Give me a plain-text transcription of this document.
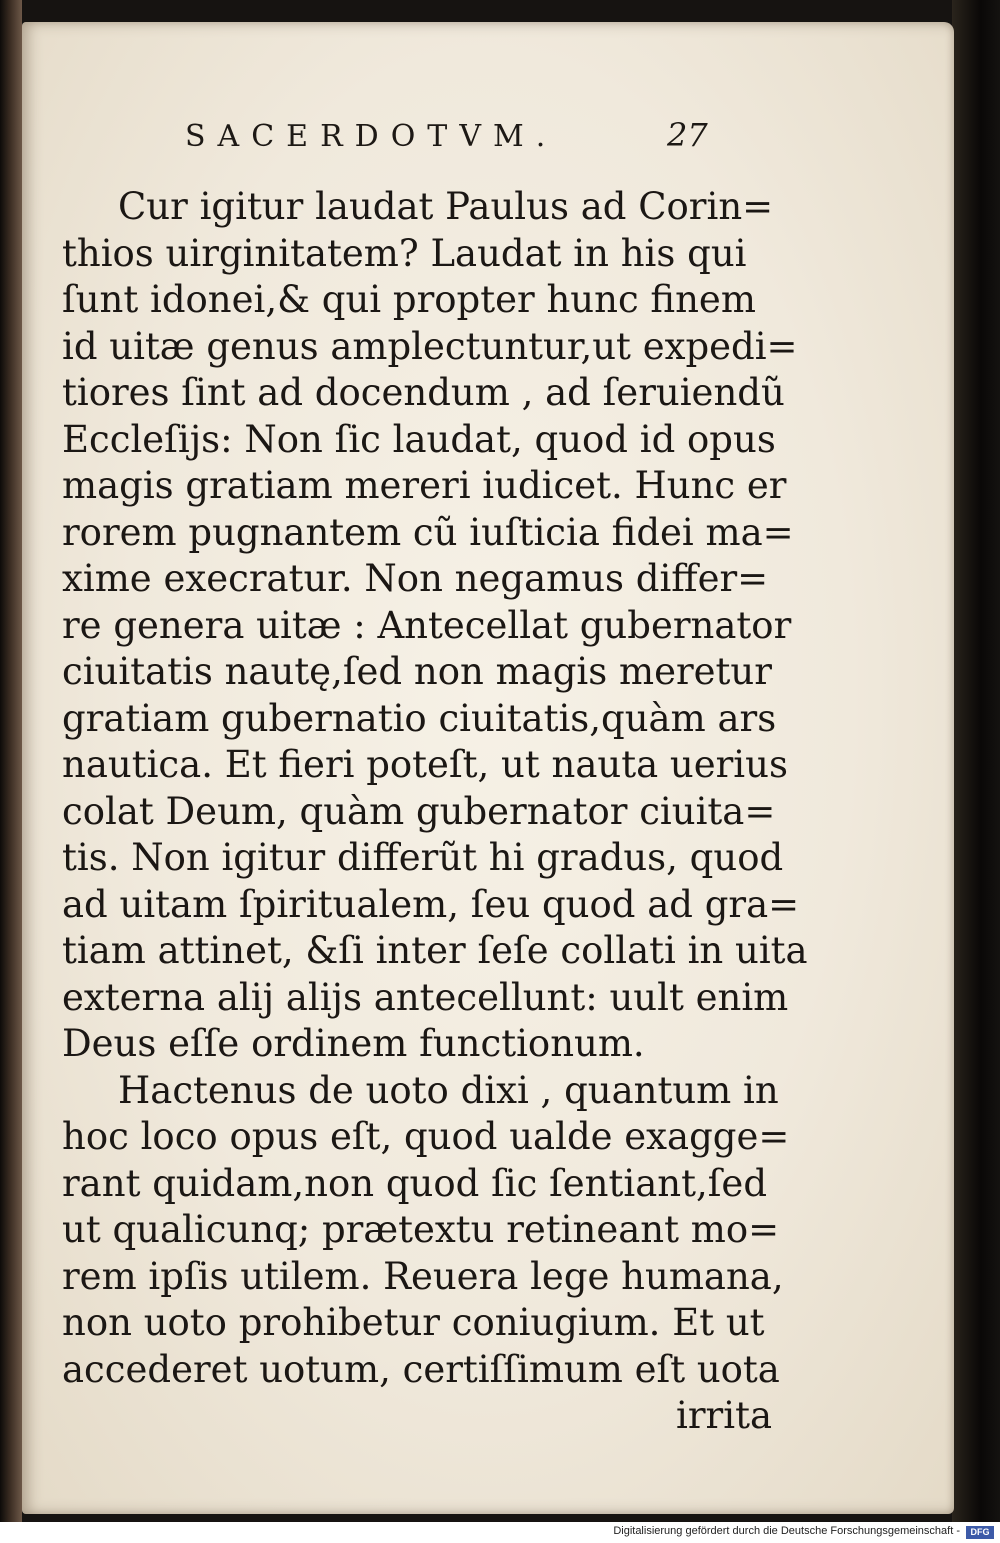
SACERDOTVM.	27
Cur igitur laudat Paulus ad Corin=
thios uirginitatem? Laudat in his qui
ſunt idonei,& qui propter hunc finem
id uitæ genus amplectuntur,ut expedi=
tiores ſint ad docendum , ad ſeruiendũ
Eccleſijs: Non ſic laudat, quod id opus
magis gratiam mereri iudicet. Hunc er
rorem pugnantem cũ iuſticia fidei ma=
xime execratur. Non negamus differ=
re genera uitæ : Antecellat gubernator
ciuitatis nautę,ſed non magis meretur
gratiam gubernatio ciuitatis,quàm ars
nautica. Et fieri poteſt, ut nauta uerius
colat Deum, quàm gubernator ciuita=
tis. Non igitur differũt hi gradus, quod
ad uitam ſpiritualem, ſeu quod ad gra=
tiam attinet, &ſi inter ſeſe collati in uita
externa alij alijs antecellunt: uult enim
Deus eſſe ordinem functionum.
Hactenus de uoto dixi , quantum in
hoc loco opus eſt, quod ualde exagge=
rant quidam,non quod ſic ſentiant,ſed
ut qualicunq; prætextu retineant mo=
rem ipſis utilem. Reuera lege humana,
non uoto prohibetur coniugium. Et ut
accederet uotum, certiſſimum eſt uota
irrita
Digitalisierung gefördert durch die Deutsche Forschungsgemeinschaft -	DFG
